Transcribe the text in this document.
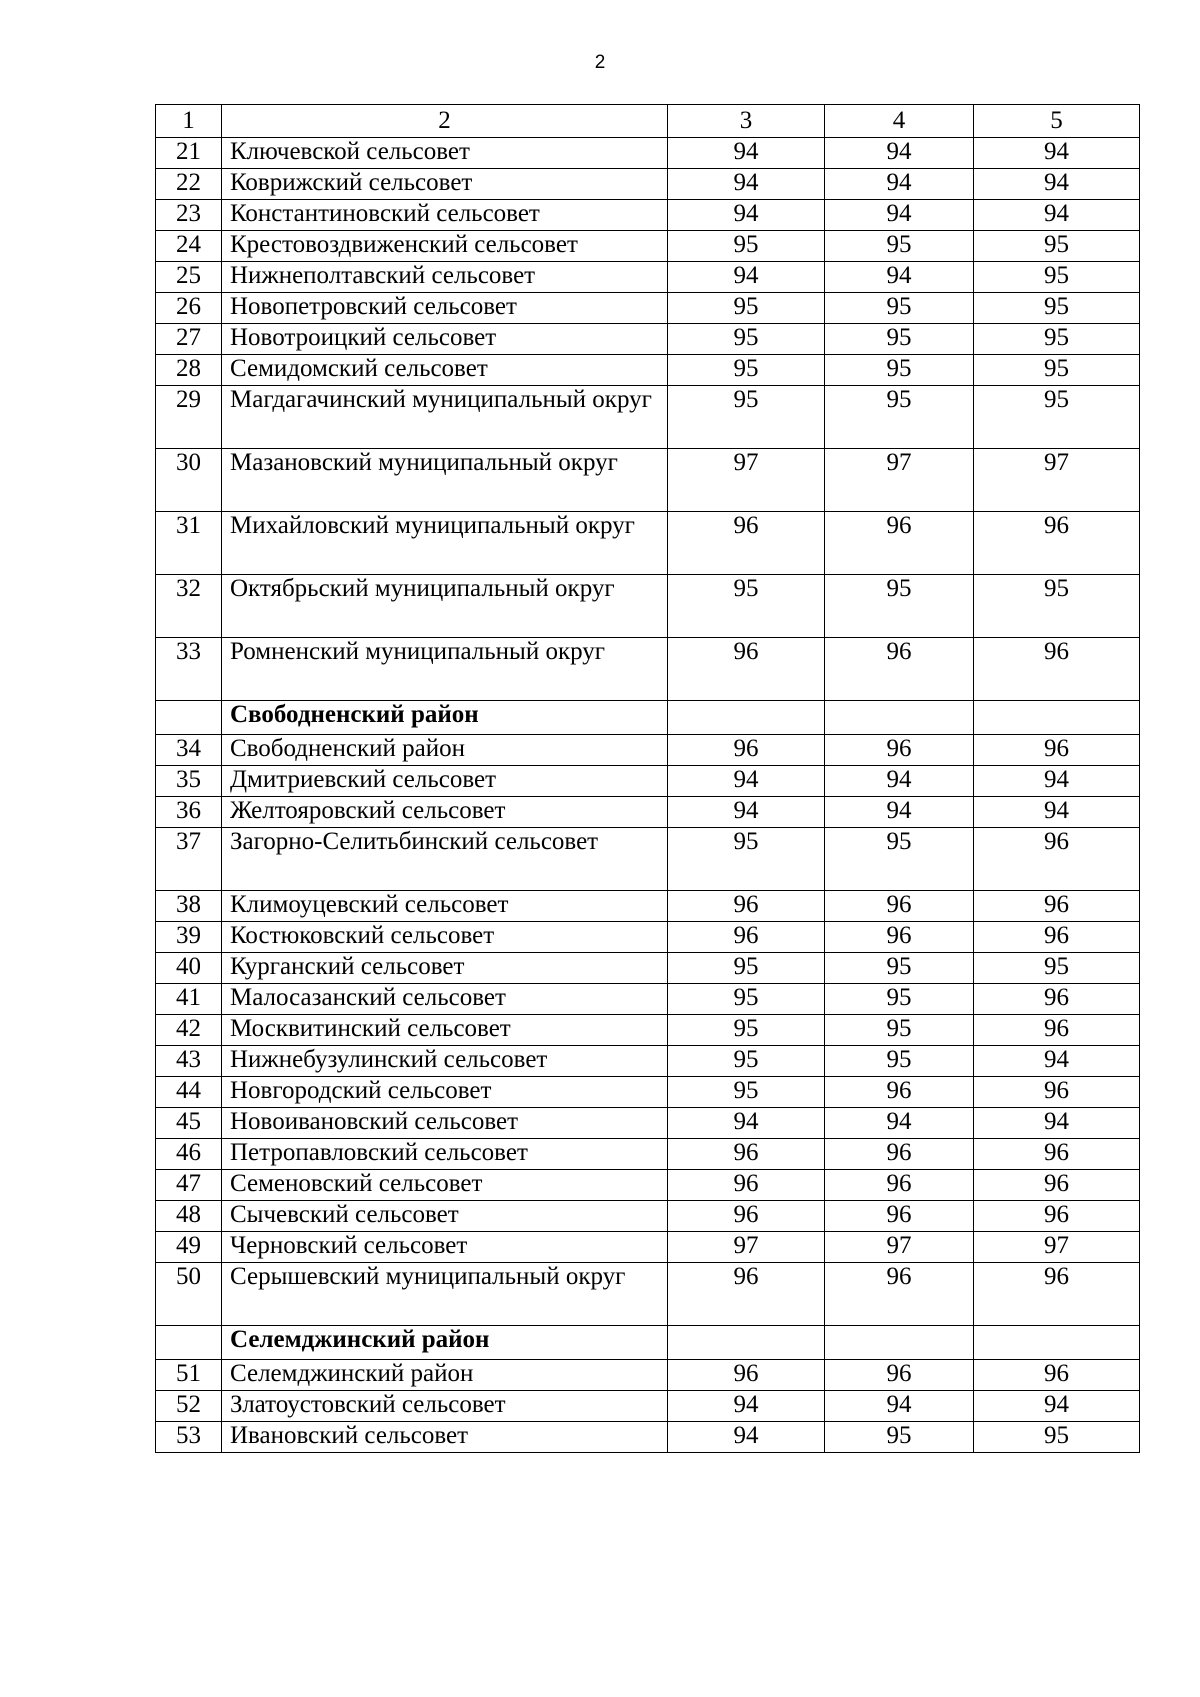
2
1	2	3	4	5
21	Ключевской сельсовет	94	94	94
22	Коврижский сельсовет	94	94	94
23	Константиновский сельсовет	94	94	94
24	Крестовоздвиженский сельсовет	95	95	95
25	Нижнеполтавский сельсовет	94	94	95
26	Новопетровский сельсовет	95	95	95
27	Новотроицкий сельсовет	95	95	95
28	Семидомский сельсовет	95	95	95
29	Магдагачинский муниципальный округ	95	95	95
30	Мазановский муниципальный округ	97	97	97
31	Михайловский муниципальный округ	96	96	96
32	Октябрьский муниципальный округ	95	95	95
33	Ромненский муниципальный округ	96	96	96
	Свободненский район			
34	Свободненский район	96	96	96
35	Дмитриевский сельсовет	94	94	94
36	Желтояровский сельсовет	94	94	94
37	Загорно-Селитьбинский сельсовет	95	95	96
38	Климоуцевский сельсовет	96	96	96
39	Костюковский сельсовет	96	96	96
40	Курганский сельсовет	95	95	95
41	Малосазанский сельсовет	95	95	96
42	Москвитинский сельсовет	95	95	96
43	Нижнебузулинский сельсовет	95	95	94
44	Новгородский сельсовет	95	96	96
45	Новоивановский сельсовет	94	94	94
46	Петропавловский сельсовет	96	96	96
47	Семеновский сельсовет	96	96	96
48	Сычевский сельсовет	96	96	96
49	Черновский сельсовет	97	97	97
50	Серышевский муниципальный округ	96	96	96
	Селемджинский район			
51	Селемджинский район	96	96	96
52	Златоустовский сельсовет	94	94	94
53	Ивановский сельсовет	94	95	95
